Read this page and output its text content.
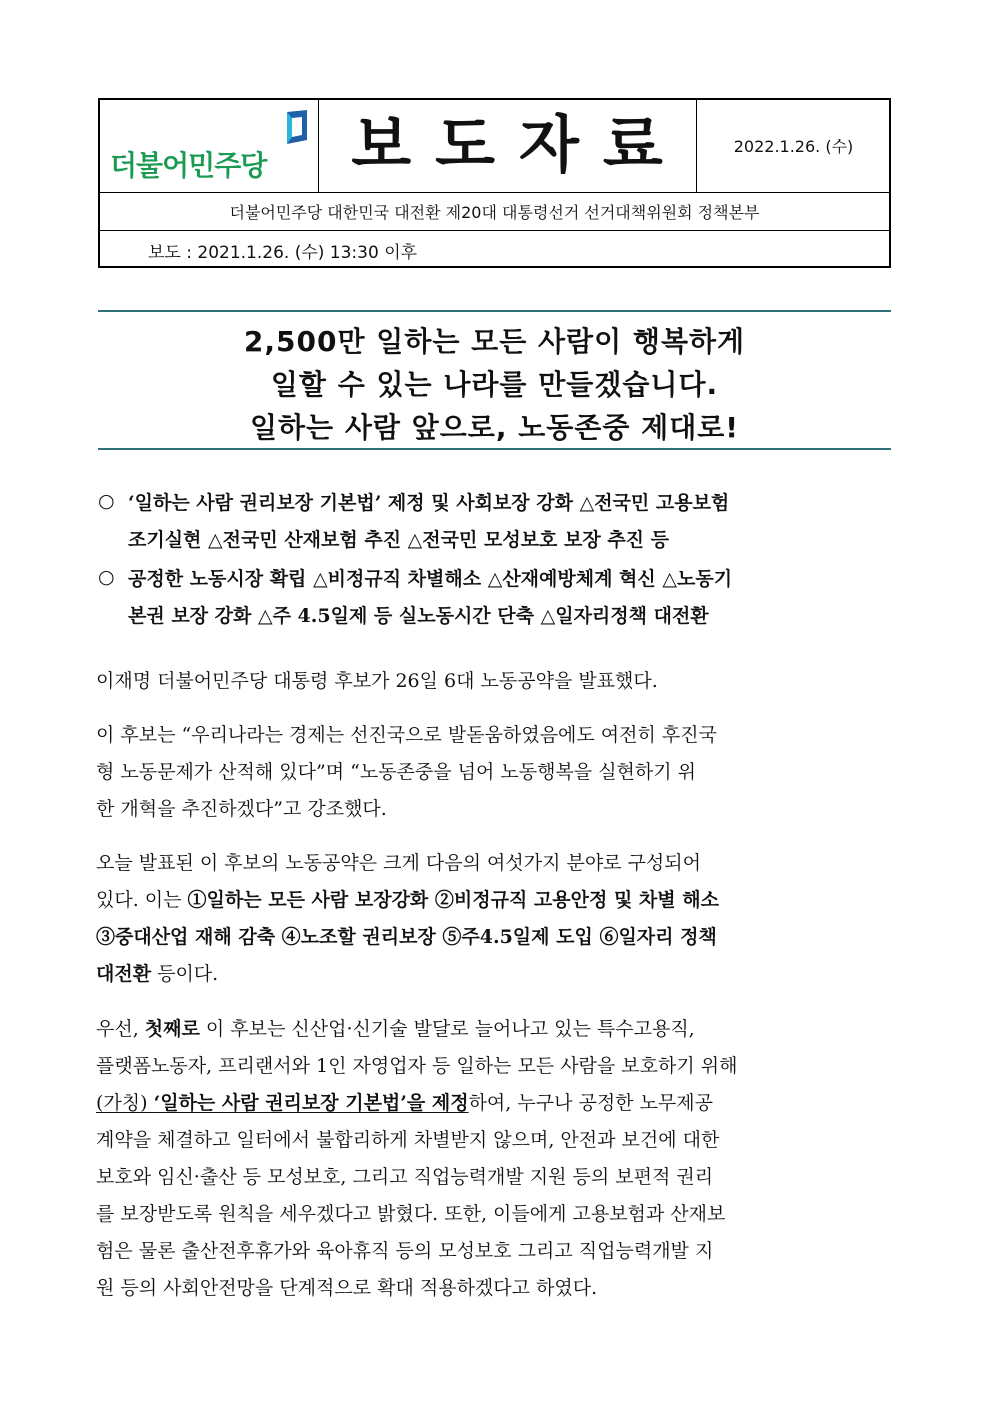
더불어민주당	보도자료	2022.1.26. (수)
더불어민주당 대한민국 대전환 제20대 대통령선거 선거대책위원회 정책본부
보도 : 2021.1.26. (수) 13:30 이후
2,500만 일하는 모든 사람이 행복하게
일할 수 있는 나라를 만들겠습니다.
일하는 사람 앞으로, 노동존중 제대로!
○ ‘일하는 사람 권리보장 기본법’ 제정 및 사회보장 강화 △전국민 고용보험
조기실현 △전국민 산재보험 추진 △전국민 모성보호 보장 추진 등
○ 공정한 노동시장 확립 △비정규직 차별해소 △산재예방체계 혁신 △노동기
본권 보장 강화 △주 4.5일제 등 실노동시간 단축 △일자리정책 대전환
이재명 더불어민주당 대통령 후보가 26일 6대 노동공약을 발표했다.
이 후보는 “우리나라는 경제는 선진국으로 발돋움하였음에도 여전히 후진국
형 노동문제가 산적해 있다”며 “노동존중을 넘어 노동행복을 실현하기 위
한 개혁을 추진하겠다”고 강조했다.
오늘 발표된 이 후보의 노동공약은 크게 다음의 여섯가지 분야로 구성되어
있다. 이는 ①일하는 모든 사람 보장강화 ②비정규직 고용안정 및 차별 해소
③중대산업 재해 감축 ④노조할 권리보장 ⑤주4.5일제 도입 ⑥일자리 정책
대전환 등이다.
우선, 첫째로 이 후보는 신산업·신기술 발달로 늘어나고 있는 특수고용직,
플랫폼노동자, 프리랜서와 1인 자영업자 등 일하는 모든 사람을 보호하기 위해
(가칭) ‘일하는 사람 권리보장 기본법’을 제정하여, 누구나 공정한 노무제공
계약을 체결하고 일터에서 불합리하게 차별받지 않으며, 안전과 보건에 대한
보호와 임신·출산 등 모성보호, 그리고 직업능력개발 지원 등의 보편적 권리
를 보장받도록 원칙을 세우겠다고 밝혔다. 또한, 이들에게 고용보험과 산재보
험은 물론 출산전후휴가와 육아휴직 등의 모성보호 그리고 직업능력개발 지
원 등의 사회안전망을 단계적으로 확대 적용하겠다고 하였다.
